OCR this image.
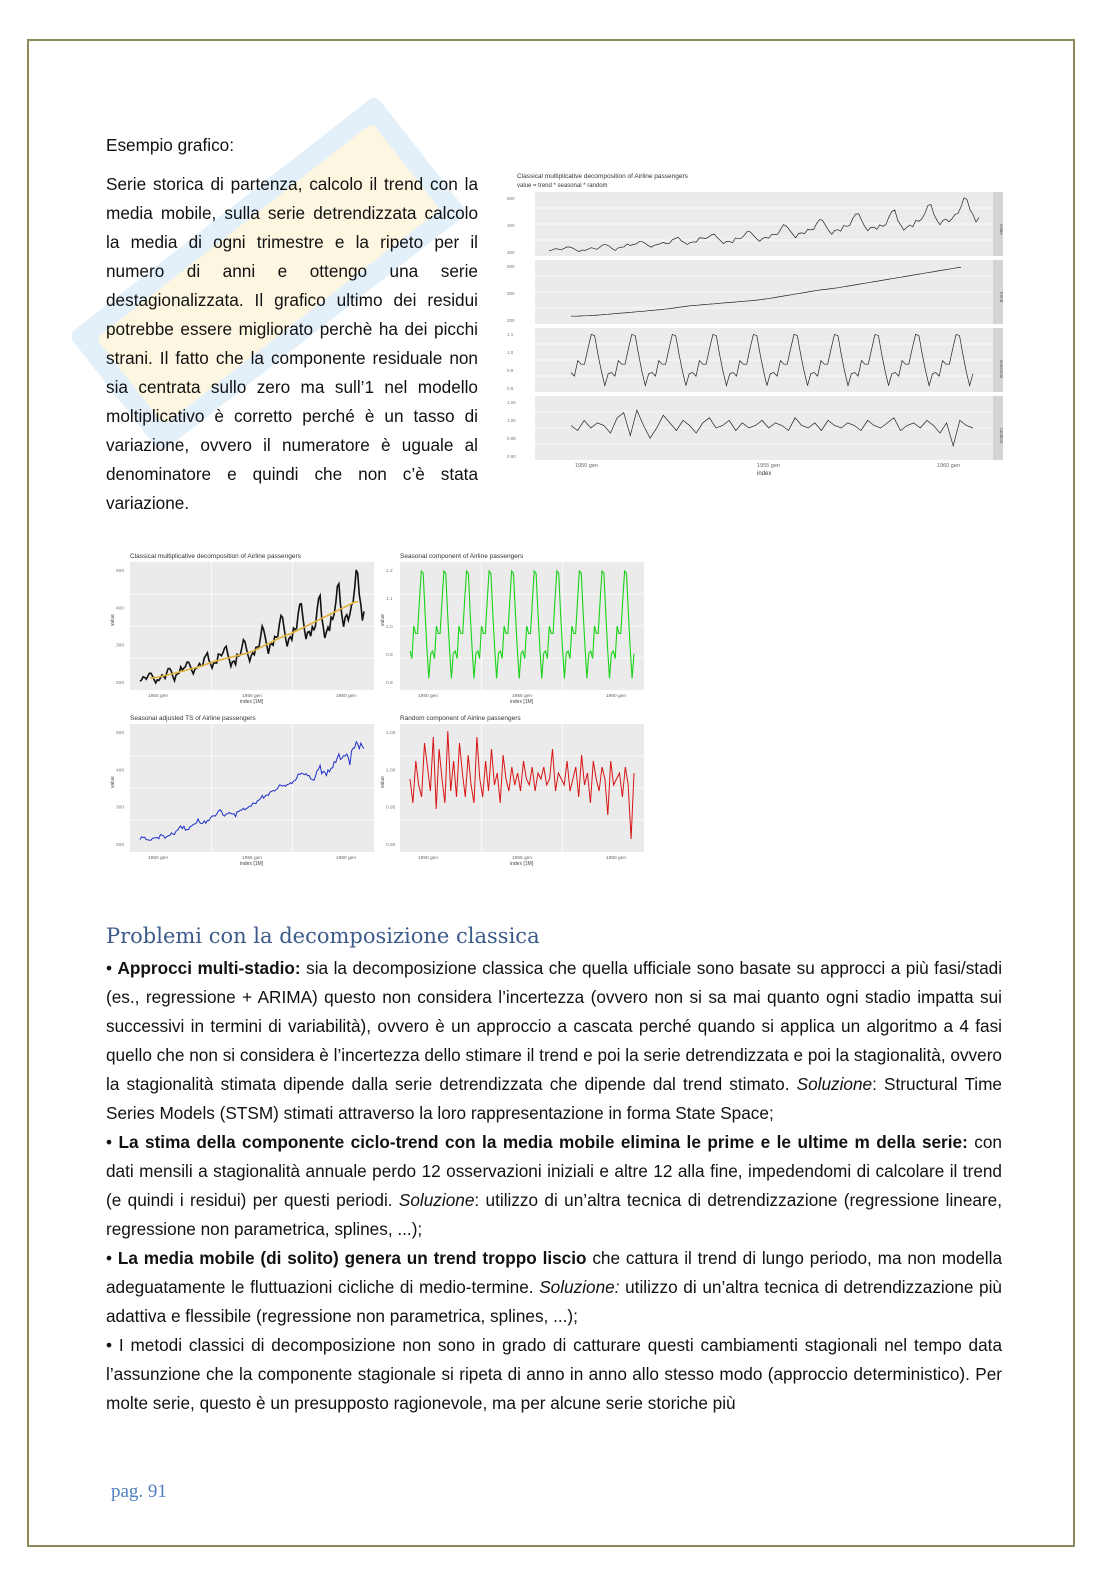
Esempio grafico:
Serie storica di partenza, calcolo il trend con la media mobile, sulla serie detrendizzata calcolo la media di ogni trimestre e la ripeto per il numero di anni e ottengo una serie destagionalizzata. Il grafico ultimo dei residui potrebbe essere migliorato perchè ha dei picchi strani. Il fatto che la componente residuale non sia centrata sullo zero ma sull’1 nel modello moltiplicativo è corretto perché è un tasso di variazione, ovvero il numeratore è uguale al denominatore e quindi che non c’è stata variazione.
Classical multiplicative decomposition of Airline passengers
value = trend * seasonal * random
500
400
300
value
500
300
200
trend
1.1
1.0
0.9
0.8
seasonal
1.05
1.00
0.95
0.90
random
1950 gen	1955 gen	1960 gen
index
Classical multiplicative decomposition of Airline passengers
500
400
300
200
value
1950 gen	1955 gen	1960 gen
index [1M]
Seasonal component of Airline passengers
1.2
1.1
1.0
0.9
0.8
value
1950 gen	1955 gen	1960 gen
index [1M]
Seasonal adjusted TS of Airline passengers
500
400
300
200
value
1950 gen	1955 gen	1960 gen
index [1M]
Random component of Airline passengers
1.05
1.00
0.95
0.90
value
1950 gen	1955 gen	1960 gen
index [1M]
Problemi con la decomposizione classica

• Approcci multi-stadio: sia la decomposizione classica che quella ufficiale sono basate su approcci a più fasi/stadi (es., regressione + ARIMA) questo non considera l’incertezza (ovvero non si sa mai quanto ogni stadio impatta sui successivi in termini di variabilità), ovvero è un approccio a cascata perché quando si applica un algoritmo a 4 fasi quello che non si considera è l’incertezza dello stimare il trend e poi la serie detrendizzata e poi la stagionalità, ovvero la stagionalità stimata dipende dalla serie detrendizzata che dipende dal trend stimato. Soluzione: Structural Time Series Models (STSM) stimati attraverso la loro rappresentazione in forma State Space;

• La stima della componente ciclo-trend con la media mobile elimina le prime e le ultime m della serie: con dati mensili a stagionalità annuale perdo 12 osservazioni iniziali e altre 12 alla fine, impedendomi di calcolare il trend (e quindi i residui) per questi periodi. Soluzione: utilizzo di un’altra tecnica di detrendizzazione (regressione lineare, regressione non parametrica, splines, ...);

• La media mobile (di solito) genera un trend troppo liscio che cattura il trend di lungo periodo, ma non modella adeguatamente le fluttuazioni cicliche di medio-termine. Soluzione: utilizzo di un’altra tecnica di detrendizzazione più adattiva e flessibile (regressione non parametrica, splines, ...);

• I metodi classici di decomposizione non sono in grado di catturare questi cambiamenti stagionali nel tempo data l’assunzione che la componente stagionale si ripeta di anno in anno allo stesso modo (approccio deterministico). Per molte serie, questo è un presupposto ragionevole, ma per alcune serie storiche più

pag. 91
